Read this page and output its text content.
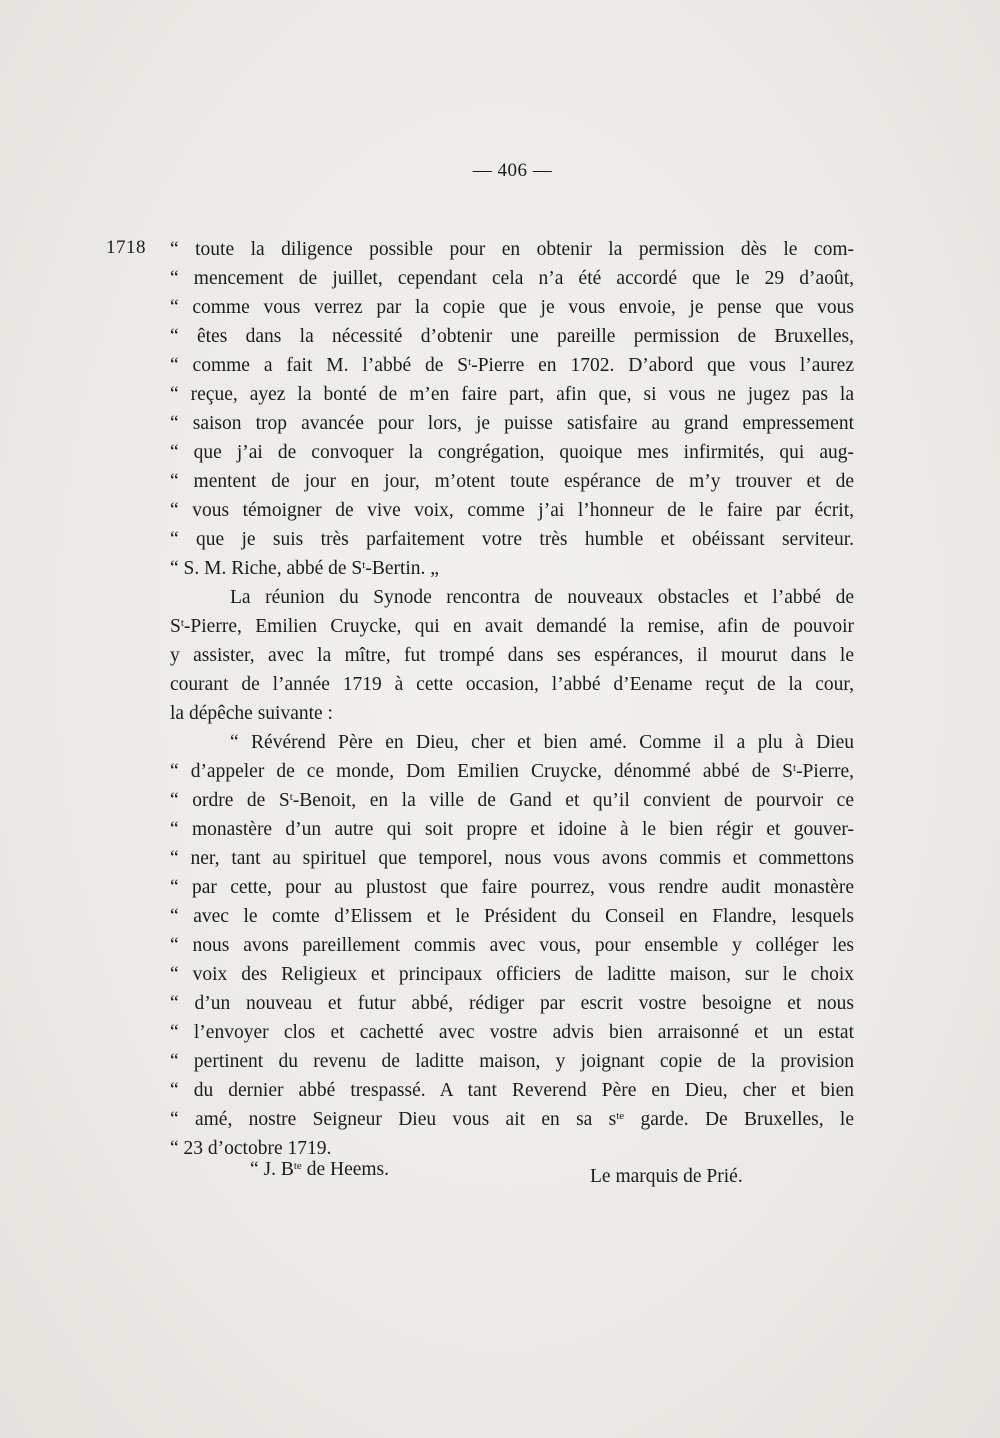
— 406 —
1718 “ toute la diligence possible pour en obtenir la permission dès le com-
“ mencement de juillet, cependant cela n’a été accordé que le 29 d’août,
“ comme vous verrez par la copie que je vous envoie, je pense que vous
“ êtes dans la nécessité d’obtenir une pareille permission de Bruxelles,
“ comme a fait M. l’abbé de $S^t$-Pierre en 1702. D’abord que vous l’aurez
“ reçue, ayez la bonté de m’en faire part, afin que, si vous ne jugez pas la
“ saison trop avancée pour lors, je puisse satisfaire au grand empressement
“ que j’ai de convoquer la congrégation, quoique mes infirmités, qui aug-
“ mentent de jour en jour, m’otent toute espérance de m’y trouver et de
“ vous témoigner de vive voix, comme j’ai l’honneur de le faire par écrit,
“ que je suis très parfaitement votre très humble et obéissant serviteur.
“ S. M. Riche, abbé de $S^t$-Bertin. „
La réunion du Synode rencontra de nouveaux obstacles et l’abbé de
$S^t$-Pierre, Emilien Cruycke, qui en avait demandé la remise, afin de pouvoir
y assister, avec la mître, fut trompé dans ses espérances, il mourut dans le
courant de l’année 1719 à cette occasion, l’abbé d’Eename reçut de la cour,
la dépêche suivante :
“ Révérend Père en Dieu, cher et bien amé. Comme il a plu à Dieu
“ d’appeler de ce monde, Dom Emilien Cruycke, dénommé abbé de $S^t$-Pierre,
“ ordre de $S^t$-Benoit, en la ville de Gand et qu’il convient de pourvoir ce
“ monastère d’un autre qui soit propre et idoine à le bien régir et gouver-
“ ner, tant au spirituel que temporel, nous vous avons commis et commettons
“ par cette, pour au plustost que faire pourrez, vous rendre audit monastère
“ avec le comte d’Elissem et le Président du Conseil en Flandre, lesquels
“ nous avons pareillement commis avec vous, pour ensemble y colléger les
“ voix des Religieux et principaux officiers de laditte maison, sur le choix
“ d’un nouveau et futur abbé, rédiger par escrit vostre besoigne et nous
“ l’envoyer clos et cachetté avec vostre advis bien arraisonné et un estat
“ pertinent du revenu de laditte maison, y joignant copie de la provision
“ du dernier abbé trespassé. A tant Reverend Père en Dieu, cher et bien
“ amé, nostre Seigneur Dieu vous ait en sa $s^{te}$ garde. De Bruxelles, le
“ 23 d’octobre 1719.
“ J. $B^{te}$ de Heems.	Le marquis de Prié.
